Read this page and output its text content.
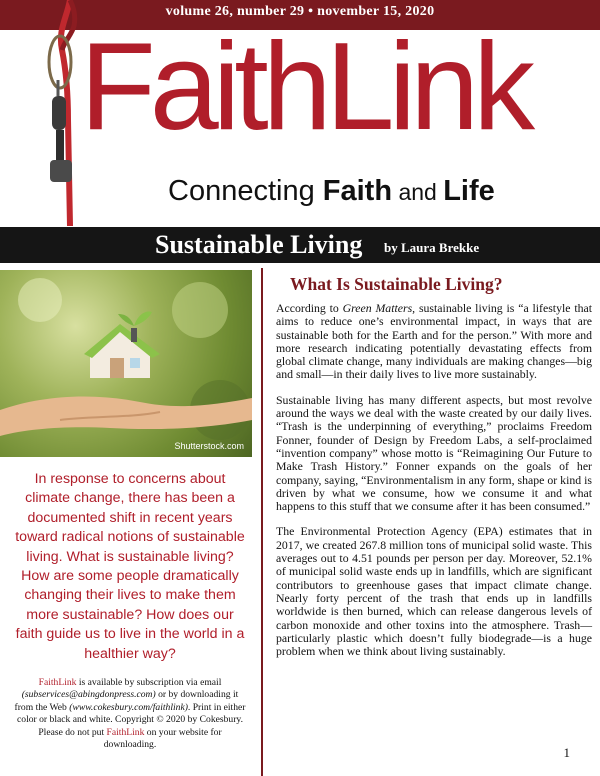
volume 26, number 29 • november 15, 2020
FaithLink
Connecting Faith and Life
Sustainable Living by Laura Brekke
Shutterstock.com
In response to concerns about climate change, there has been a documented shift in recent years toward radical notions of sustainable living. What is sustainable living? How are some people dramatically changing their lives to make them more sustainable? How does our faith guide us to live in the world in a healthier way?
FaithLink is available by subscription via email (subservices@abingdonpress.com) or by downloading it from the Web (www.cokesbury.com/faithlink). Print in either color or black and white. Copyright © 2020 by Cokesbury. Please do not put FaithLink on your website for downloading.
What Is Sustainable Living?

According to Green Matters, sustainable living is “a lifestyle that aims to reduce one’s environmental impact, in ways that are sustainable both for the Earth and for the person.” With more and more research indicating potentially devastating effects from global climate change, many individuals are making changes—big and small—in their daily lives to live more sustainably.

Sustainable living has many different aspects, but most revolve around the ways we deal with the waste created by our daily lives. “Trash is the underpinning of everything,” proclaims Freedom Fonner, founder of Design by Freedom Labs, a self-proclaimed “invention company” whose motto is “Reimagining Our Future to Make Trash History.” Fonner expands on the goals of her company, saying, “Environmentalism in any form, shape or kind is driven by what we consume, how we consume it and what happens to this stuff that we consume after it has been consumed.”

The Environmental Protection Agency (EPA) estimates that in 2017, we created 267.8 million tons of municipal solid waste. This averages out to 4.51 pounds per person per day. Moreover, 52.1% of municipal solid waste ends up in landfills, which are significant contributors to greenhouse gases that impact climate change. Nearly forty percent of the trash that ends up in landfills worldwide is then burned, which can release dangerous levels of carbon monoxide and other toxins into the atmosphere. Trash—particularly plastic which doesn’t fully biodegrade—is a huge problem when we think about living sustainably.

1
